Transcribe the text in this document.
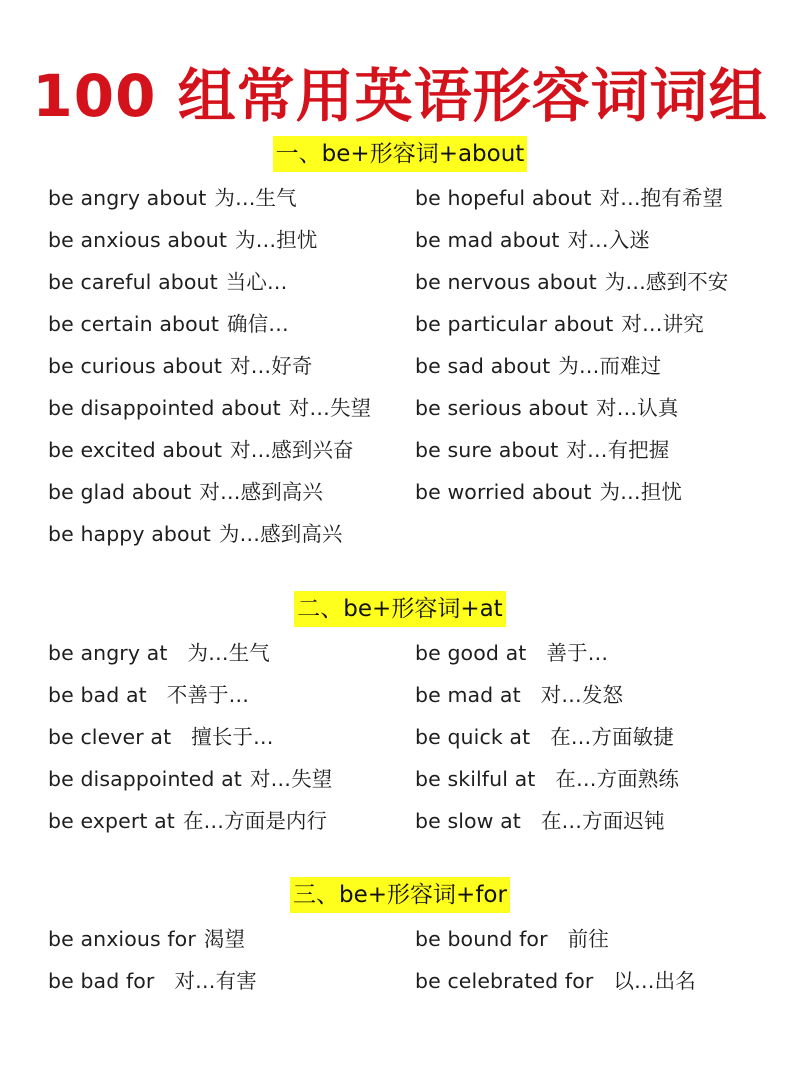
100 组常用英语形容词词组
一、be+形容词+about
be angry about 为…生气	be hopeful about 对…抱有希望
be anxious about 为…担忧	be mad about 对…入迷
be careful about 当心…	be nervous about 为…感到不安
be certain about 确信…	be particular about 对…讲究
be curious about 对…好奇	be sad about 为…而难过
be disappointed about 对…失望	be serious about 对…认真
be excited about 对…感到兴奋	be sure about 对…有把握
be glad about 对…感到高兴	be worried about 为…担忧
be happy about 为…感到高兴
二、be+形容词+at
be angry at 为…生气	be good at 善于…
be bad at 不善于…	be mad at 对…发怒
be clever at 擅长于…	be quick at 在…方面敏捷
be disappointed at 对…失望	be skilful at 在…方面熟练
be expert at 在…方面是内行	be slow at 在…方面迟钝
三、be+形容词+for
be anxious for 渴望	be bound for 前往
be bad for 对…有害	be celebrated for 以…出名
